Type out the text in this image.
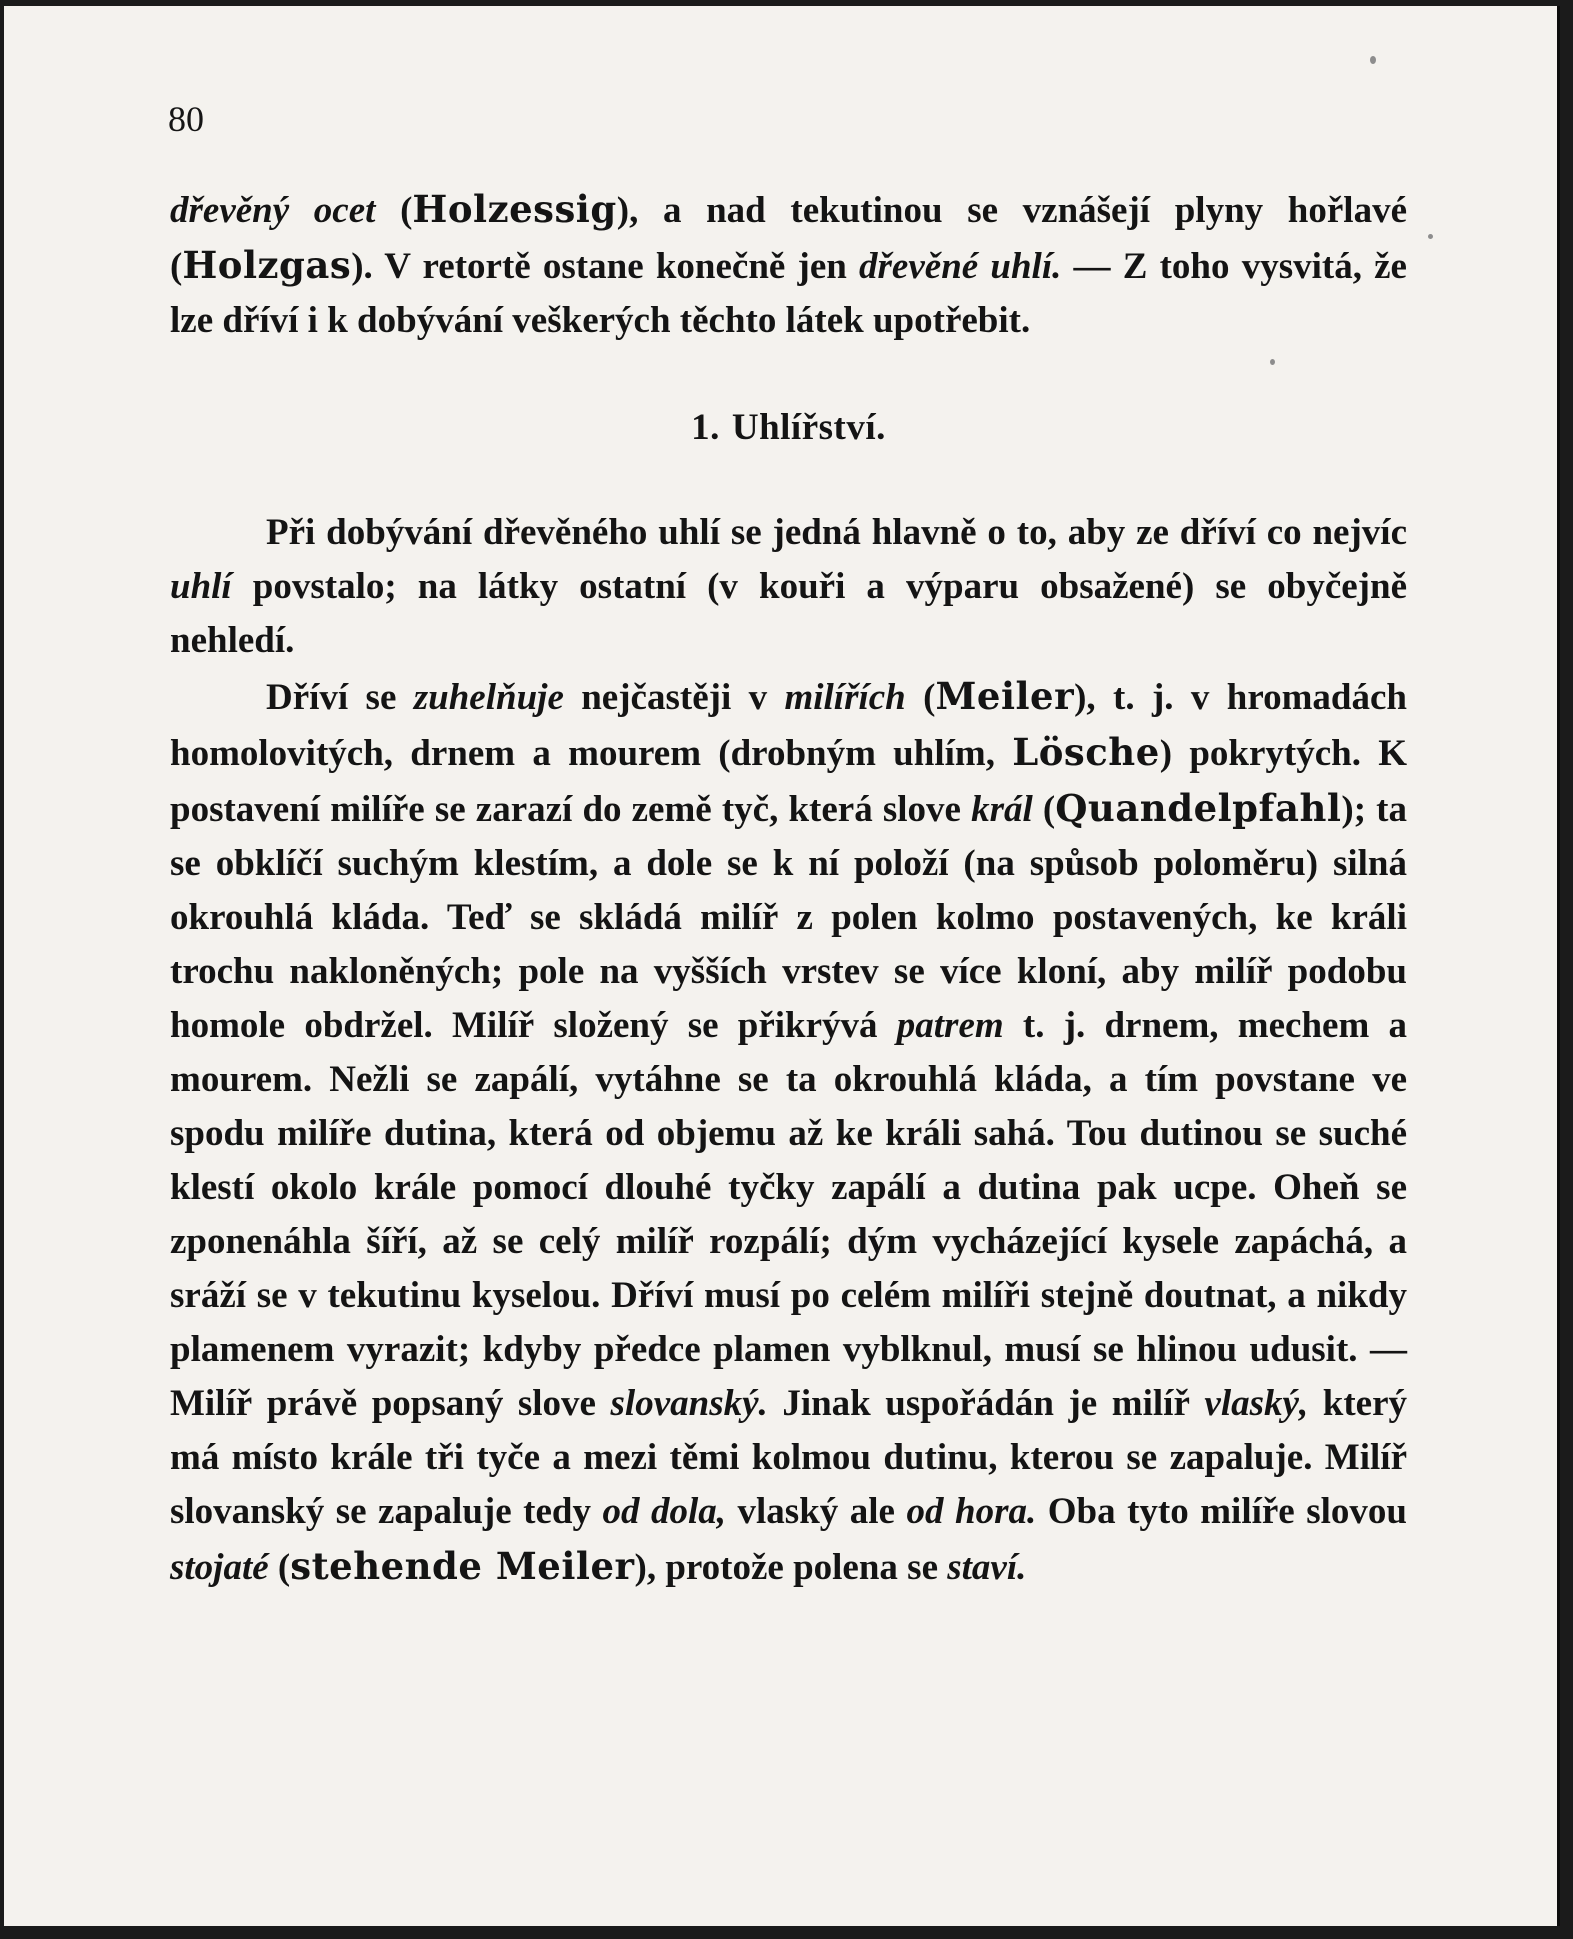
80
dřevěný ocet (Holzessig), a nad tekutinou se vznášejí plyny hořlavé (Holzgas). V retortě ostane konečně jen dřevěné uhlí. — Z toho vysvitá, že lze dříví i k dobývání veškerých těchto látek upotřebit.
1. Uhlířství.
Při dobývání dřevěného uhlí se jedná hlavně o to, aby ze dříví co nejvíc uhlí povstalo; na látky ostatní (v kouři a výparu obsažené) se obyčejně nehledí.
Dříví se zuhelňuje nejčastěji v milířích (Meiler), t. j. v hromadách homolovitých, drnem a mourem (drobným uhlím, Lösche) pokrytých. K postavení milíře se zarazí do země tyč, která slove král (Quandelpfahl); ta se obklíčí suchým klestím, a dole se k ní položí (na spůsob poloměru) silná okrouhlá kláda. Teď se skládá milíř z polen kolmo postavených, ke králi trochu nakloněných; pole na vyšších vrstev se více kloní, aby milíř podobu homole obdržel. Milíř složený se přikrývá patrem t. j. drnem, mechem a mourem. Nežli se zapálí, vytáhne se ta okrouhlá kláda, a tím povstane ve spodu milíře dutina, která od objemu až ke králi sahá. Tou dutinou se suché klestí okolo krále pomocí dlouhé tyčky zapálí a dutina pak ucpe. Oheň se zponenáhla šíří, až se celý milíř rozpálí; dým vycházející kysele zapáchá, a sráží se v tekutinu kyselou. Dříví musí po celém milíři stejně doutnat, a nikdy plamenem vyrazit; kdyby předce plamen vyblknul, musí se hlinou udusit. — Milíř právě popsaný slove slovanský. Jinak uspořádán je milíř vlaský, který má místo krále tři tyče a mezi těmi kolmou dutinu, kterou se zapaluje. Milíř slovanský se zapaluje tedy od dola, vlaský ale od hora. Oba tyto milíře slovou stojaté (stehende Meiler), protože polena se staví.
